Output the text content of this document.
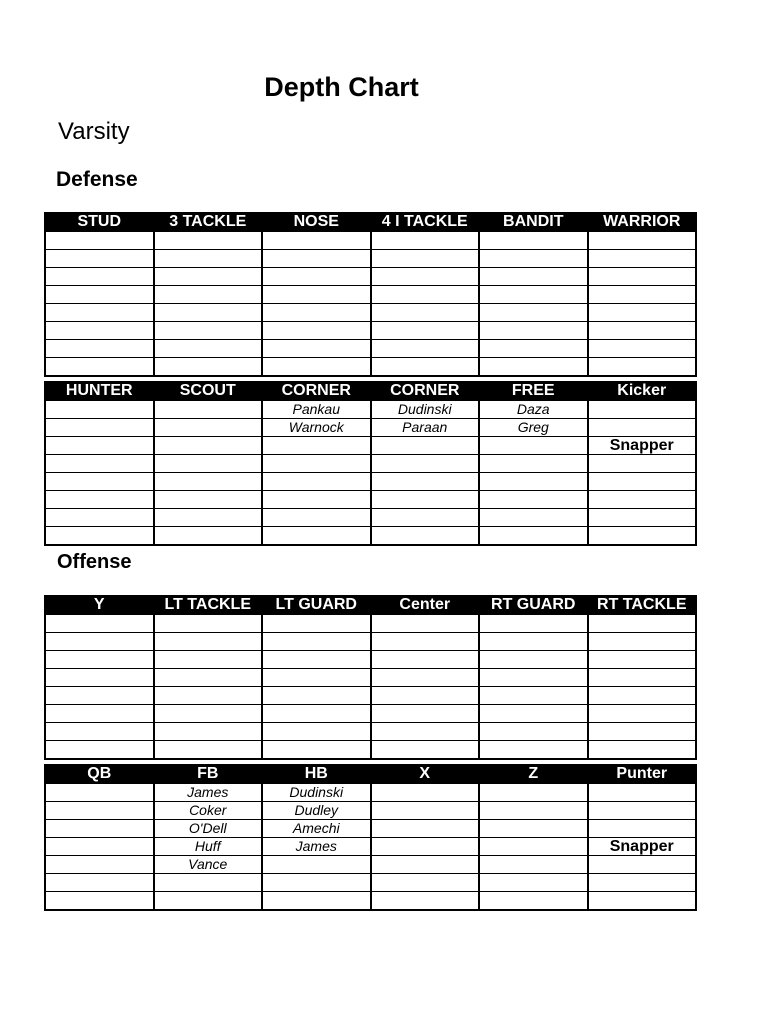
Depth Chart
Varsity
Defense
Offense
STUD	3 TACKLE	NOSE	4 I TACKLE	BANDIT	WARRIOR

HUNTER	SCOUT	CORNER	CORNER	FREE	Kicker
		Pankau	Dudinski	Daza	
		Warnock	Paraan	Greg	
					Snapper

Y	LT TACKLE	LT GUARD	Center	RT GUARD	RT TACKLE

QB	FB	HB	X	Z	Punter
	James	Dudinski			
	Coker	Dudley			
	O'Dell	Amechi			
	Huff	James			Snapper
	Vance				
